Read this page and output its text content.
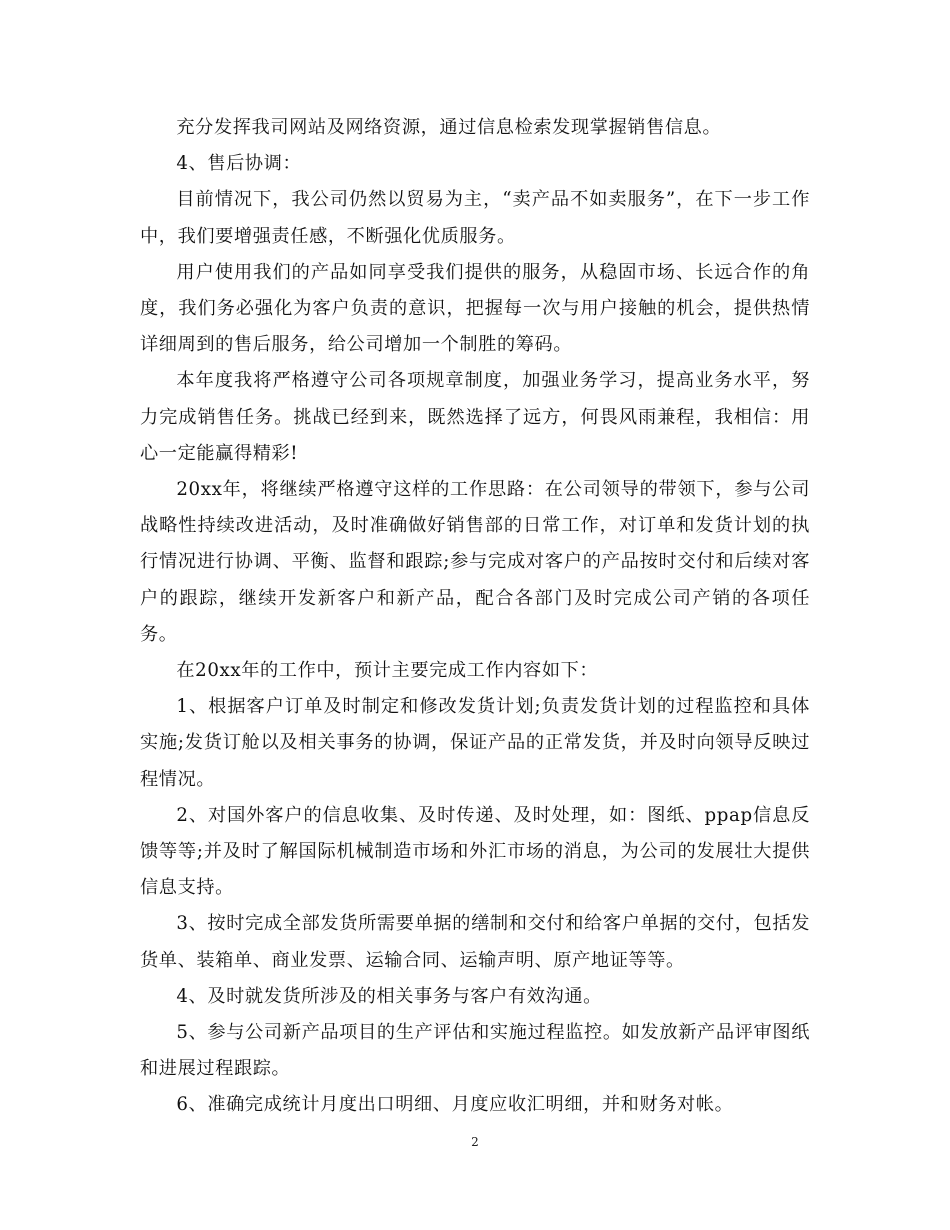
充分发挥我司网站及网络资源，通过信息检索发现掌握销售信息。

4、售后协调：

目前情况下，我公司仍然以贸易为主，“卖产品不如卖服务”，在下一步工作中，我们要增强责任感，不断强化优质服务。

用户使用我们的产品如同享受我们提供的服务，从稳固市场、长远合作的角度，我们务必强化为客户负责的意识，把握每一次与用户接触的机会，提供热情详细周到的售后服务，给公司增加一个制胜的筹码。

本年度我将严格遵守公司各项规章制度，加强业务学习，提高业务水平，努力完成销售任务。挑战已经到来，既然选择了远方，何畏风雨兼程，我相信：用心一定能赢得精彩!

20xx年，将继续严格遵守这样的工作思路：在公司领导的带领下，参与公司战略性持续改进活动，及时准确做好销售部的日常工作，对订单和发货计划的执行情况进行协调、平衡、监督和跟踪;参与完成对客户的产品按时交付和后续对客户的跟踪，继续开发新客户和新产品，配合各部门及时完成公司产销的各项任务。

在20xx年的工作中，预计主要完成工作内容如下：

1、根据客户订单及时制定和修改发货计划;负责发货计划的过程监控和具体实施;发货订舱以及相关事务的协调，保证产品的正常发货，并及时向领导反映过程情况。

2、对国外客户的信息收集、及时传递、及时处理，如：图纸、ppap信息反馈等等;并及时了解国际机械制造市场和外汇市场的消息，为公司的发展壮大提供信息支持。

3、按时完成全部发货所需要单据的缮制和交付和给客户单据的交付，包括发货单、装箱单、商业发票、运输合同、运输声明、原产地证等等。

4、及时就发货所涉及的相关事务与客户有效沟通。

5、参与公司新产品项目的生产评估和实施过程监控。如发放新产品评审图纸和进展过程跟踪。

6、准确完成统计月度出口明细、月度应收汇明细，并和财务对帐。

2
